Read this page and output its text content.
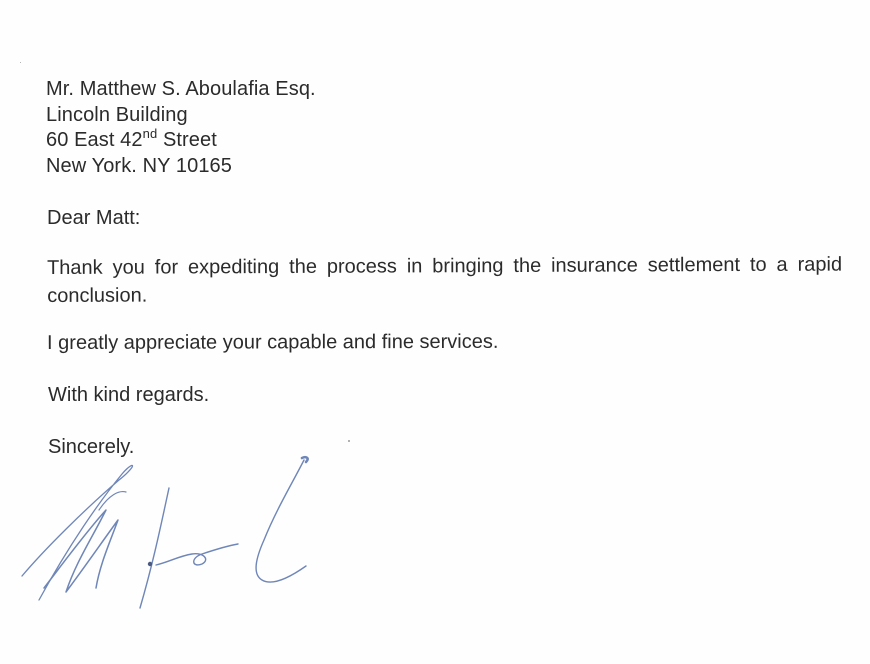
Mr. Matthew S. Aboulafia Esq.
Lincoln Building
60 East 42nd Street
New York. NY 10165
Dear Matt:
Thank you for expediting the process in bringing the insurance settlement to a rapid conclusion.
I greatly appreciate your capable and fine services.
With kind regards.
Sincerely.
